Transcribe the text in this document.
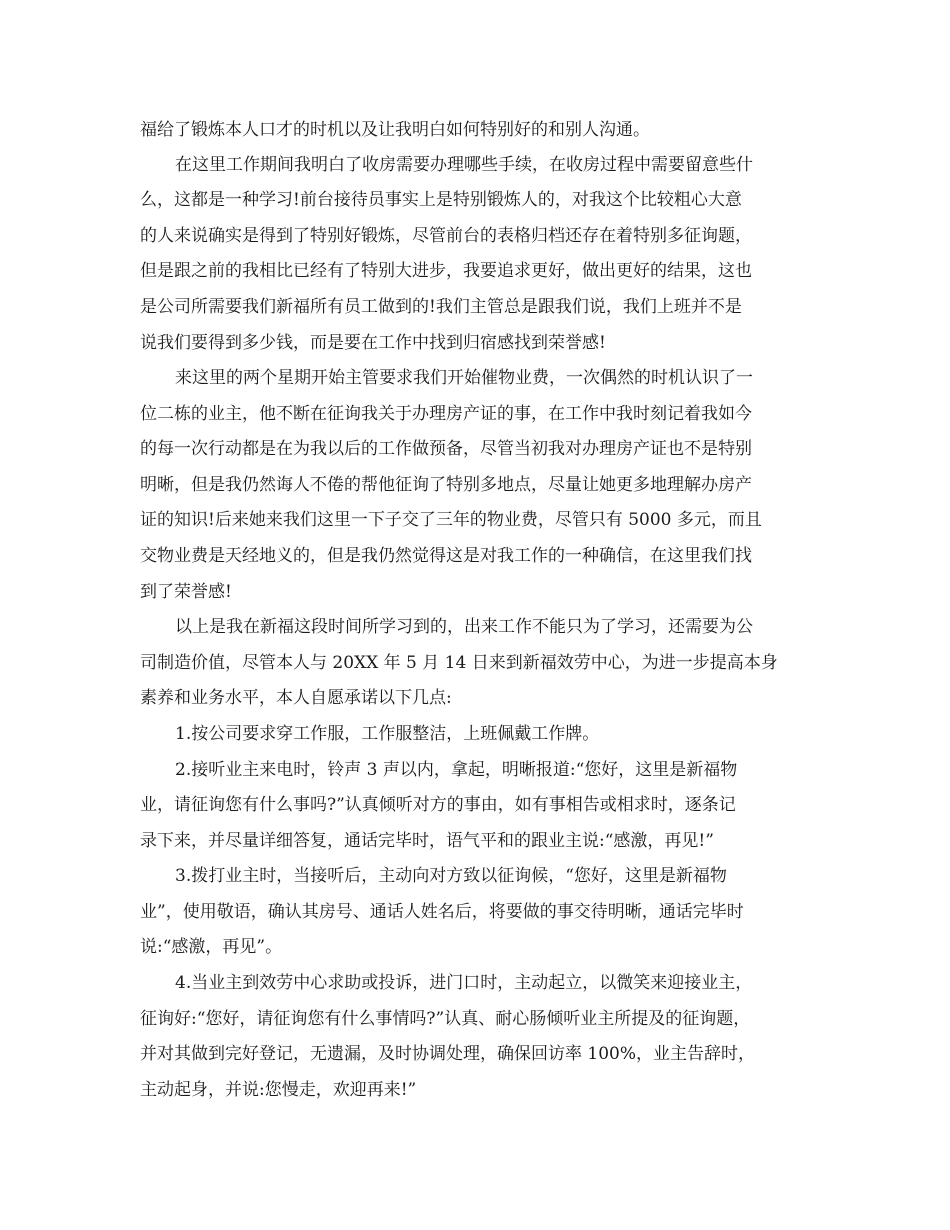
福给了锻炼本人口才的时机以及让我明白如何特别好的和别人沟通。
在这里工作期间我明白了收房需要办理哪些手续，在收房过程中需要留意些什
么，这都是一种学习!前台接待员事实上是特别锻炼人的，对我这个比较粗心大意
的人来说确实是得到了特别好锻炼，尽管前台的表格归档还存在着特别多征询题，
但是跟之前的我相比已经有了特别大进步，我要追求更好，做出更好的结果，这也
是公司所需要我们新福所有员工做到的!我们主管总是跟我们说，我们上班并不是
说我们要得到多少钱，而是要在工作中找到归宿感找到荣誉感!
来这里的两个星期开始主管要求我们开始催物业费，一次偶然的时机认识了一
位二栋的业主，他不断在征询我关于办理房产证的事，在工作中我时刻记着我如今
的每一次行动都是在为我以后的工作做预备，尽管当初我对办理房产证也不是特别
明晰，但是我仍然诲人不倦的帮他征询了特别多地点，尽量让她更多地理解办房产
证的知识!后来她来我们这里一下子交了三年的物业费，尽管只有 5000 多元，而且
交物业费是天经地义的，但是我仍然觉得这是对我工作的一种确信，在这里我们找
到了荣誉感!
以上是我在新福这段时间所学习到的，出来工作不能只为了学习，还需要为公
司制造价值，尽管本人与 20XX 年 5 月 14 日来到新福效劳中心，为进一步提高本身
素养和业务水平，本人自愿承诺以下几点:
1.按公司要求穿工作服，工作服整洁，上班佩戴工作牌。
2.接听业主来电时，铃声 3 声以内，拿起，明晰报道:“您好，这里是新福物
业，请征询您有什么事吗?”认真倾听对方的事由，如有事相告或相求时，逐条记
录下来，并尽量详细答复，通话完毕时，语气平和的跟业主说:“感激，再见!”
3.拨打业主时，当接听后，主动向对方致以征询候，“您好，这里是新福物
业”，使用敬语，确认其房号、通话人姓名后，将要做的事交待明晰，通话完毕时
说:“感激，再见”。
4.当业主到效劳中心求助或投诉，进门口时，主动起立，以微笑来迎接业主，
征询好:“您好，请征询您有什么事情吗?”认真、耐心肠倾听业主所提及的征询题，
并对其做到完好登记，无遗漏，及时协调处理，确保回访率 100%，业主告辞时，
主动起身，并说:您慢走，欢迎再来!”
